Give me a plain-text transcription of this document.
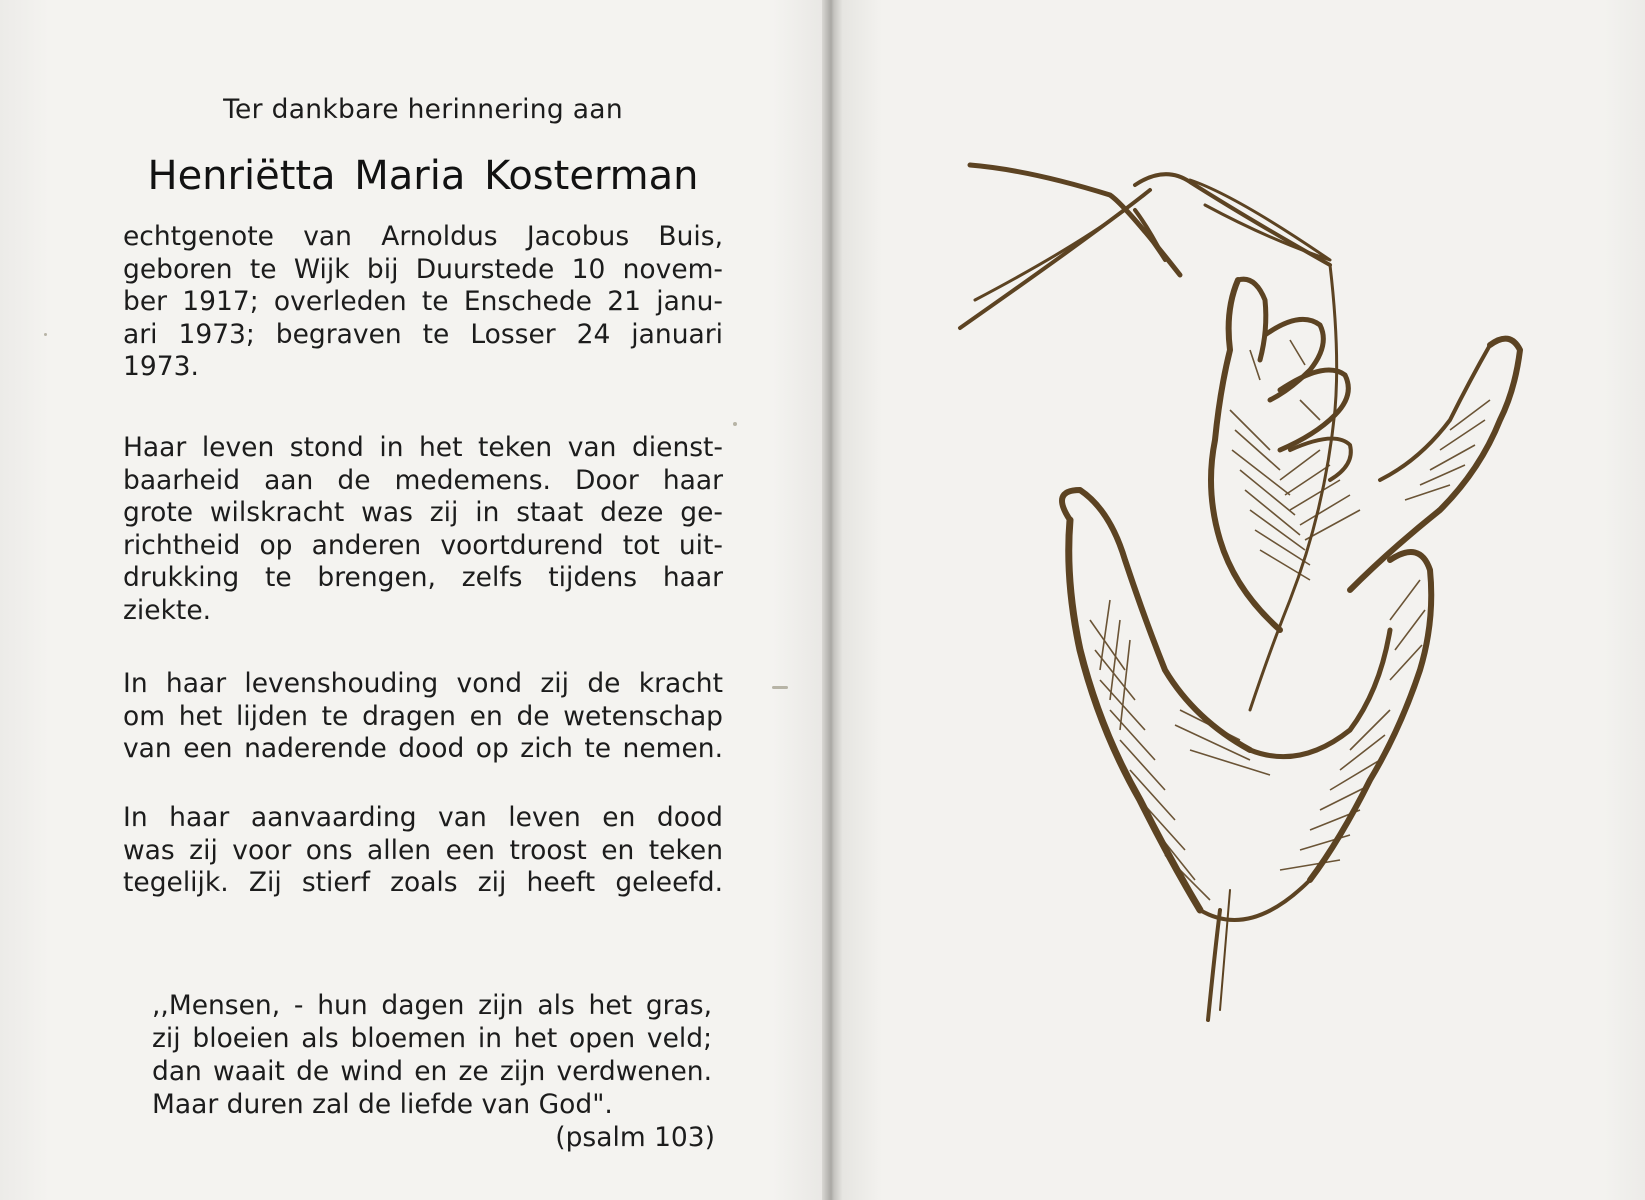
Ter dankbare herinnering aan
Henriëtta Maria Kosterman
echtgenote van Arnoldus Jacobus Buis,
geboren te Wijk bij Duurstede 10 novem-
ber 1917; overleden te Enschede 21 janu-
ari 1973; begraven te Losser 24 januari 1973.
Haar leven stond in het teken van dienst-
baarheid aan de medemens. Door haar
grote wilskracht was zij in staat deze ge-
richtheid op anderen voortdurend tot uit-
drukking te brengen, zelfs tijdens haar
ziekte.
In haar levenshouding vond zij de kracht
om het lijden te dragen en de wetenschap
van een naderende dood op zich te nemen.
In haar aanvaarding van leven en dood
was zij voor ons allen een troost en teken
tegelijk. Zij stierf zoals zij heeft geleefd.
,,Mensen, - hun dagen zijn als het gras,
zij bloeien als bloemen in het open veld;
dan waait de wind en ze zijn verdwenen.
Maar duren zal de liefde van God".
(psalm 103)
